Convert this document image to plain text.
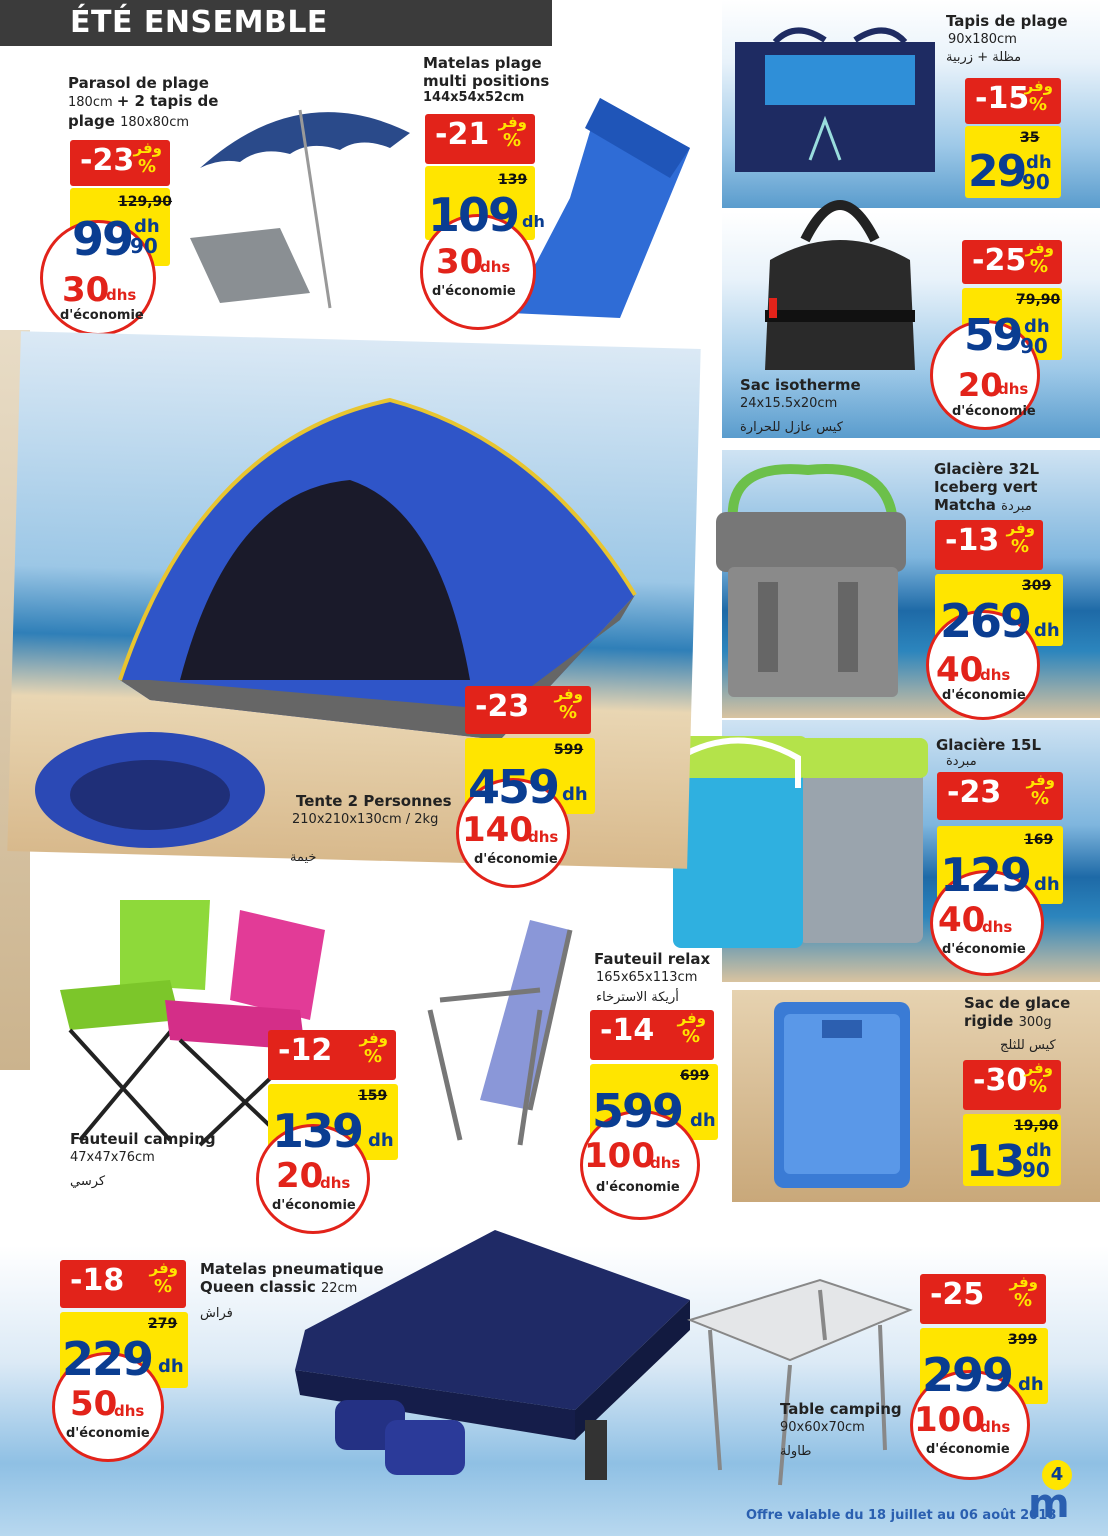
ÉTÉ ENSEMBLE
Parasol de plage
180cm + 2 tapis de
plage 180x80cm
-23 وفر
%
129,90
99 dh
90
30
dhs
d'économie
Matelas plage
multi positions
144x54x52cm
-21 وفر
%
139
109 dh
30
dhs
d'économie
Tapis de plage
90x180cm
مظلة + زربية
-15
وفر
%
35
29 dh
90
Sac isotherme
24x15.5x20cm
كيس عازل للحرارة
-25 وفر
%
79,90
59 dh
90
20
dhs
d'économie
Glacière 32L
Iceberg vert
Matcha مبردة
-13 وفر
%
309
269 dh
40
dhs
d'économie
Glacière 15L
مبردة
-23 وفر
%
169
129 dh
40
dhs
d'économie
Sac de glace
rigide 300g
كيس للثلج
-30
وفر
%
19,90
13 dh
90
Tente 2 Personnes
210x210x130cm / 2kg
خيمة
-23 وفر
%
599
459 dh
140
dhs
d'économie
Fauteuil camping
47x47x76cm
كرسي
-12 وفر
%
159
139 dh
20
dhs
d'économie
Fauteuil relax
165x65x113cm
أريكة الاسترخاء
-14 وفر
%
699
599 dh
100
dhs
d'économie
Matelas pneumatique
Queen classic 22cm
فراش
-18 وفر
%
279
229 dh
50
dhs
d'économie
Table camping
90x60x70cm
طاولة
-25 وفر
%
399
299 dh
100
dhs
d'économie
Offre valable du 18 juillet au 06 août 2018
4
m
